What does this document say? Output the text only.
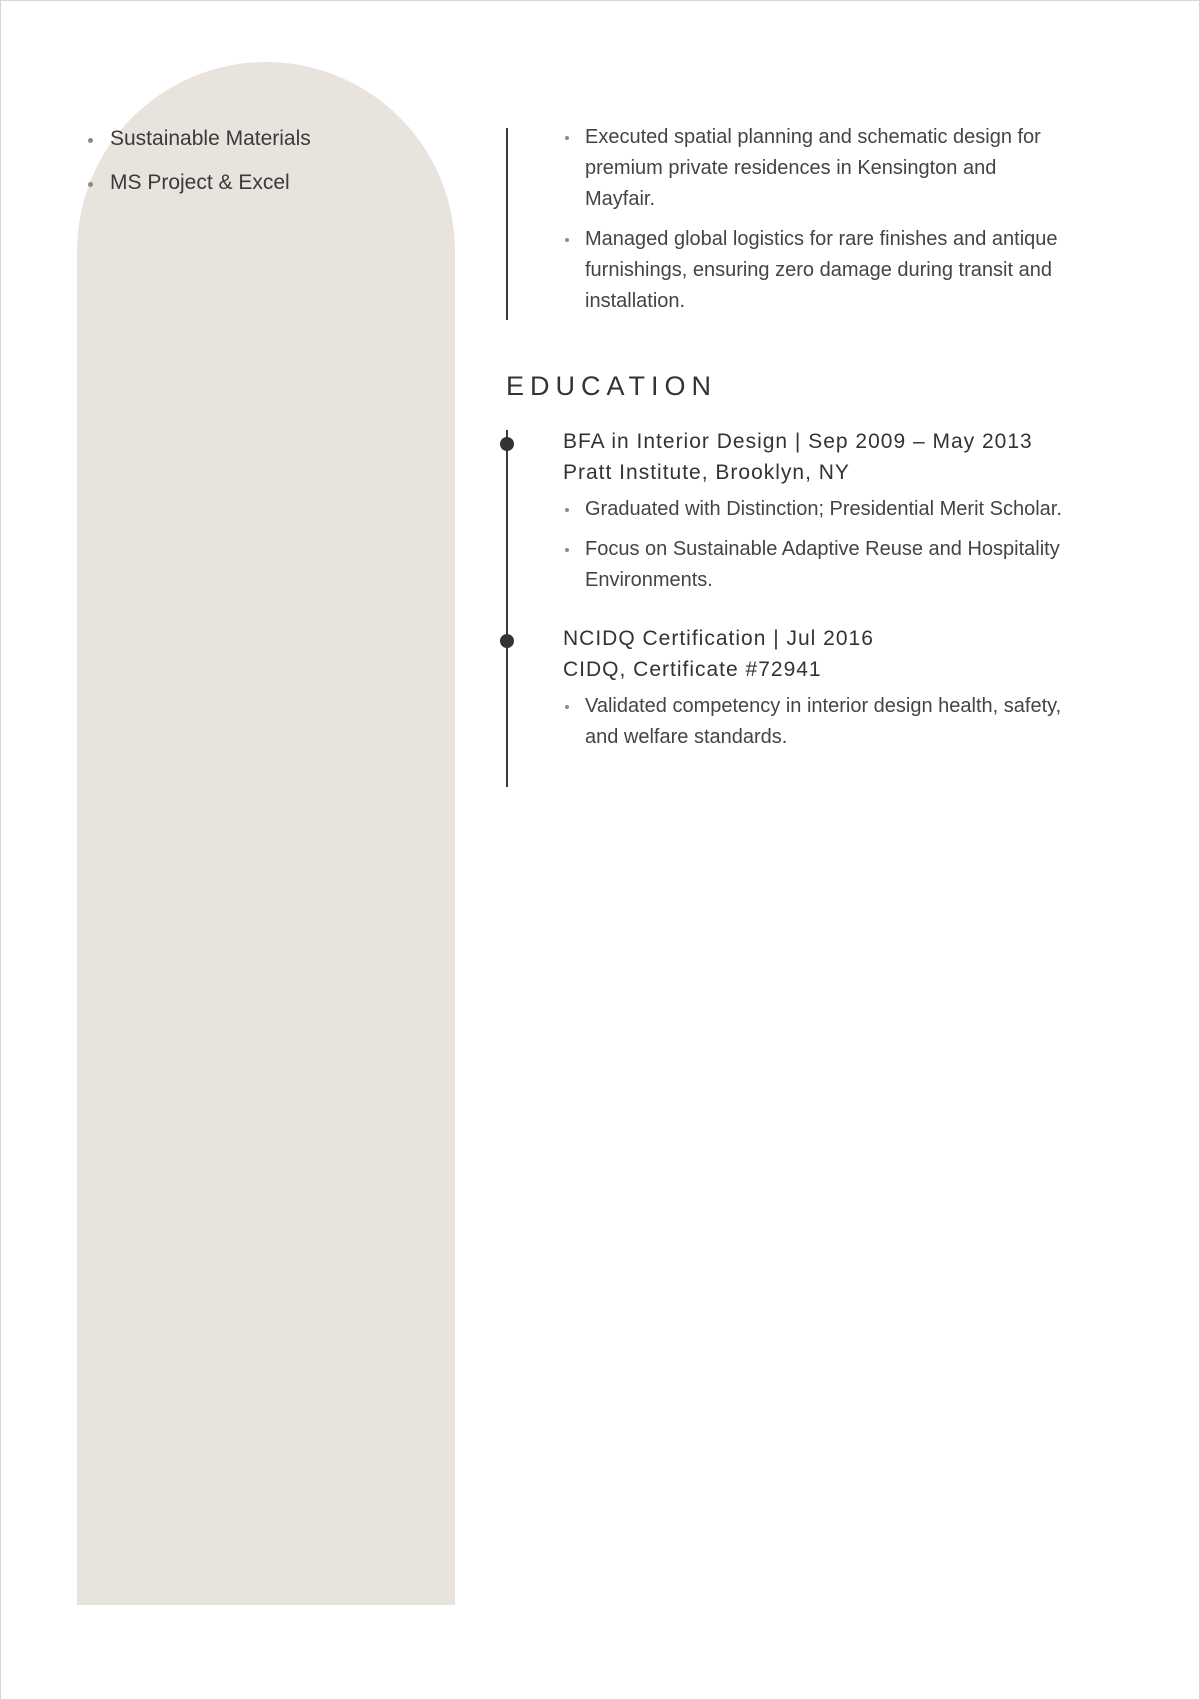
Sustainable Materials
MS Project & Excel
Executed spatial planning and schematic design for premium private residences in Kensington and Mayfair.
Managed global logistics for rare finishes and antique furnishings, ensuring zero damage during transit and installation.
EDUCATION
BFA in Interior Design | Sep 2009 – May 2013
Pratt Institute, Brooklyn, NY
Graduated with Distinction; Presidential Merit Scholar.
Focus on Sustainable Adaptive Reuse and Hospitality Environments.
NCIDQ Certification | Jul 2016
CIDQ, Certificate #72941
Validated competency in interior design health, safety, and welfare standards.
